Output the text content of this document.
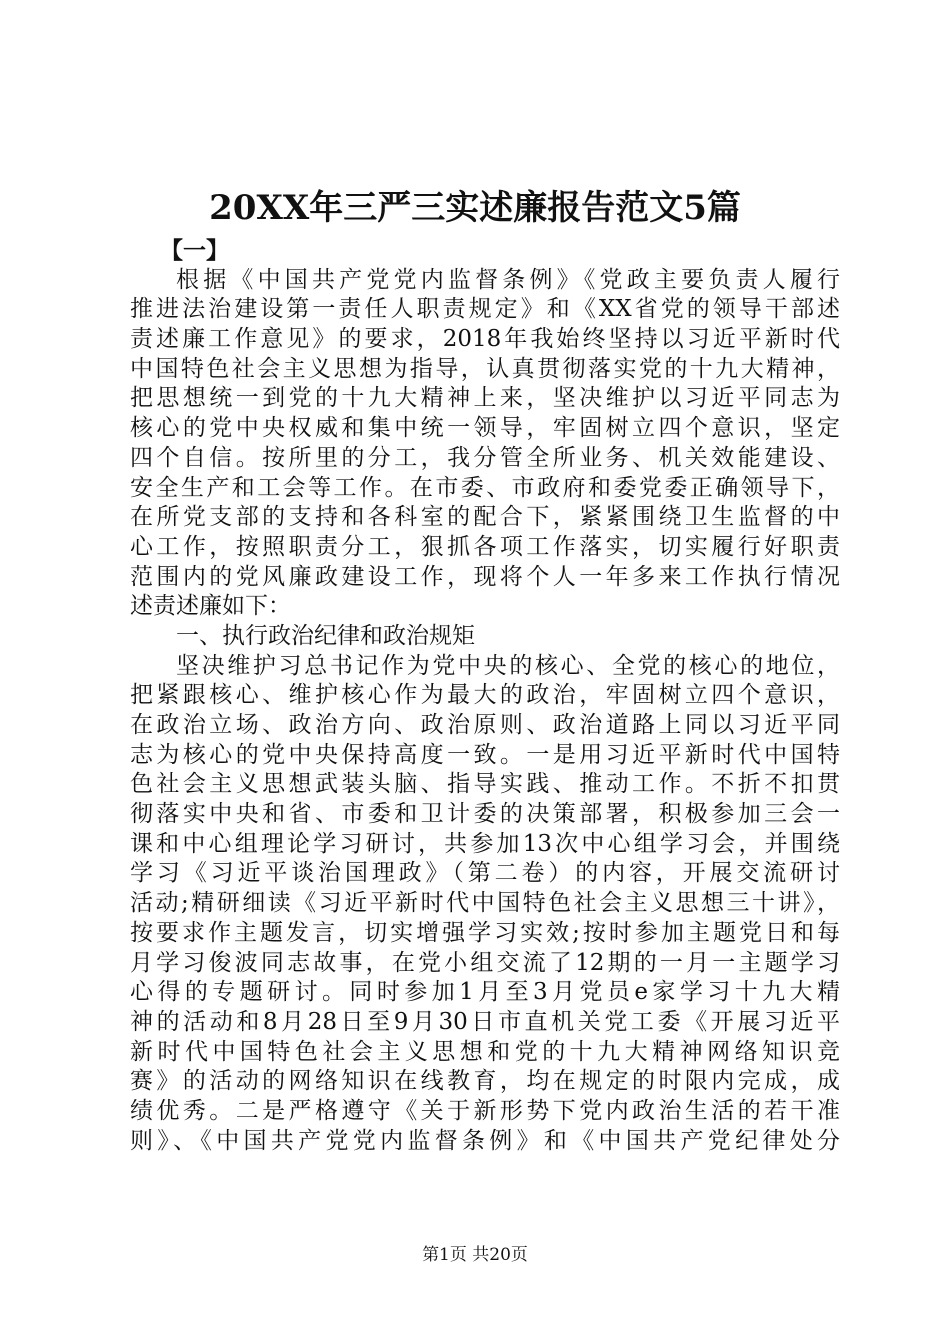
20XX年三严三实述廉报告范文5篇
【一】
根据《中国共产党党内监督条例》《党政主要负责人履行
推进法治建设第一责任人职责规定》和《XX省党的领导干部述
责述廉工作意见》的要求，2018年我始终坚持以习近平新时代
中国特色社会主义思想为指导，认真贯彻落实党的十九大精神，
把思想统一到党的十九大精神上来，坚决维护以习近平同志为
核心的党中央权威和集中统一领导，牢固树立四个意识，坚定
四个自信。按所里的分工，我分管全所业务、机关效能建设、
安全生产和工会等工作。在市委、市政府和委党委正确领导下，
在所党支部的支持和各科室的配合下，紧紧围绕卫生监督的中
心工作，按照职责分工，狠抓各项工作落实，切实履行好职责
范围内的党风廉政建设工作，现将个人一年多来工作执行情况
述责述廉如下：
一、执行政治纪律和政治规矩
坚决维护习总书记作为党中央的核心、全党的核心的地位，
把紧跟核心、维护核心作为最大的政治，牢固树立四个意识，
在政治立场、政治方向、政治原则、政治道路上同以习近平同
志为核心的党中央保持高度一致。一是用习近平新时代中国特
色社会主义思想武装头脑、指导实践、推动工作。不折不扣贯
彻落实中央和省、市委和卫计委的决策部署，积极参加三会一
课和中心组理论学习研讨，共参加13次中心组学习会，并围绕
学习《习近平谈治国理政》（第二卷）的内容，开展交流研讨
活动;精研细读《习近平新时代中国特色社会主义思想三十讲》，
按要求作主题发言，切实增强学习实效;按时参加主题党日和每
月学习俊波同志故事，在党小组交流了12期的一月一主题学习
心得的专题研讨。同时参加1月至3月党员e家学习十九大精
神的活动和8月28日至9月30日市直机关党工委《开展习近平
新时代中国特色社会主义思想和党的十九大精神网络知识竞
赛》的活动的网络知识在线教育，均在规定的时限内完成，成
绩优秀。二是严格遵守《关于新形势下党内政治生活的若干准
则》、《中国共产党党内监督条例》和《中国共产党纪律处分
第1页 共20页
